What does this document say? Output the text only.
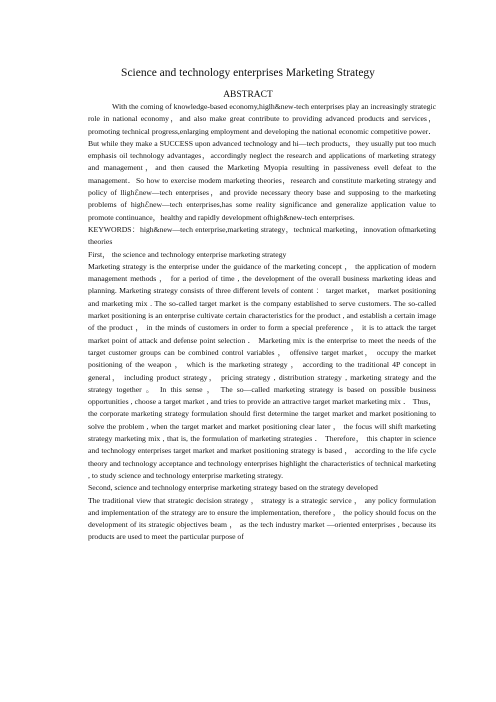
Science and technology enterprises Marketing Strategy
ABSTRACT

With the coming of knowledge-based economy,higlh&new-tech enterprises play an increasingly strategic role in national economy，and also make great contribute to providing advanced products and services，promoting technical progress,enlarging employment and developing the national economic competitive power．But while they make a SUCCESS upon advanced technology and hi—tech products，they usually put too much emphasis oil technology advantages，accordingly neglect the research and applications of marketing strategy and management，and then caused the Marketing Myopia resulting in passiveness evell defeat to the management．So how to exercise modem marketing theories，research and constitute marketing strategy and policy of llighℰnew—tech enterprises，and provide necessary theory base and supposing to the marketing problems of highℰnew—tech enterprises,has some reality significance and generalize application value to promote continuance，healthy and rapidly development ofhigh&new-tech enterprises.

KEYWORDS：high&new—tech enterprise,marketing strategy，technical marketing，innovation ofmarketing theories

First， the science and technology enterprise marketing strategy

Marketing strategy is the enterprise under the guidance of the marketing concept ， the application of modern management methods ， for a period of time , the development of the overall business marketing ideas and planning. Marketing strategy consists of three different levels of content ： target market， market positioning and marketing mix . The so-called target market is the company established to serve customers. The so-called market positioning is an enterprise cultivate certain characteristics for the product , and establish a certain image of the product ， in the minds of customers in order to form a special preference ， it is to attack the target market point of attack and defense point selection ． Marketing mix is the enterprise to meet the needs of the target customer groups can be combined control variables ， offensive target market， occupy the market positioning of the weapon ， which is the marketing strategy ， according to the traditional 4P concept in general， including product strategy， pricing strategy , distribution strategy , marketing strategy and the strategy together 。 In this sense ， The so—called marketing strategy is based on possible business opportunities , choose a target market , and tries to provide an attractive target market marketing mix ． Thus， the corporate marketing strategy formulation should first determine the target market and market positioning to solve the problem , when the target market and market positioning clear later ， the focus will shift marketing strategy marketing mix , that is, the formulation of marketing strategies ． Therefore， this chapter in science and technology enterprises target market and market positioning strategy is based ， according to the life cycle theory and technology acceptance and technology enterprises highlight the characteristics of technical marketing , to study science and technology enterprise marketing strategy.

Second, science and technology enterprise marketing strategy based on the strategy developed

The traditional view that strategic decision strategy ， strategy is a strategic service ， any policy formulation and implementation of the strategy are to ensure the implementation, therefore ， the policy should focus on the development of its strategic objectives beam ， as the tech industry market —oriented enterprises , because its products are used to meet the particular purpose of
